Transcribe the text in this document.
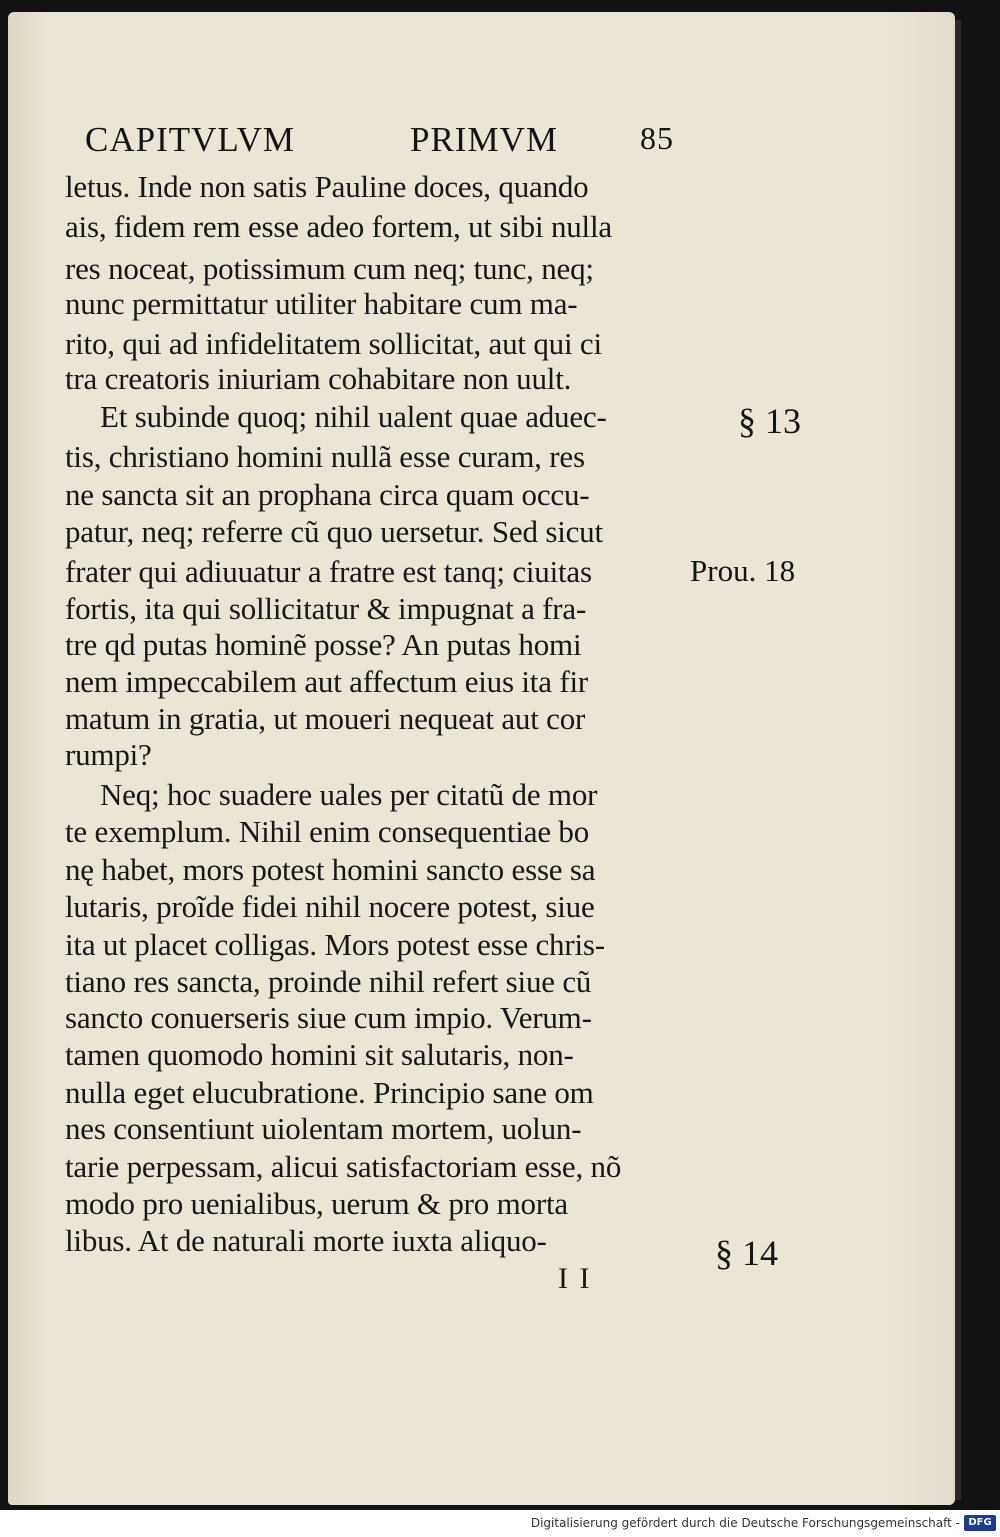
CAPITVLVM	PRIMVM	85
letus. Inde non satis Pauline doces, quando
ais, fidem rem esse adeo fortem, ut sibi nulla
res noceat, potissimum cum neq; tunc, neq;
nunc permittatur utiliter habitare cum ma-
rito, qui ad infidelitatem sollicitat, aut qui ci
tra creatoris iniuriam cohabitare non uult.
Et subinde quoq; nihil ualent quae aduec-
tis, christiano homini nullã esse curam, res
ne sancta sit an prophana circa quam occu-
patur, neq; referre cũ quo uersetur. Sed sicut
frater qui adiuuatur a fratre est tanq; ciuitas
fortis, ita qui sollicitatur & impugnat a fra-
tre qd putas hominẽ posse? An putas homi
nem impeccabilem aut affectum eius ita fir
matum in gratia, ut moueri nequeat aut cor
rumpi?
Neq; hoc suadere uales per citatũ de mor
te exemplum. Nihil enim consequentiae bo
nę habet, mors potest homini sancto esse sa
lutaris, proĩde fidei nihil nocere potest, siue
ita ut placet colligas. Mors potest esse chris-
tiano res sancta, proinde nihil refert siue cũ
sancto conuerseris siue cum impio. Verum-
tamen quomodo homini sit salutaris, non-
nulla eget elucubratione. Principio sane om
nes consentiunt uiolentam mortem, uolun-
tarie perpessam, alicui satisfactoriam esse, nõ
modo pro uenialibus, uerum & pro morta
libus. At de naturali morte iuxta aliquo-
§ 13
Prou. 18
§ 14
I I
Digitalisierung gefördert durch die Deutsche Forschungsgemeinschaft - DFG
